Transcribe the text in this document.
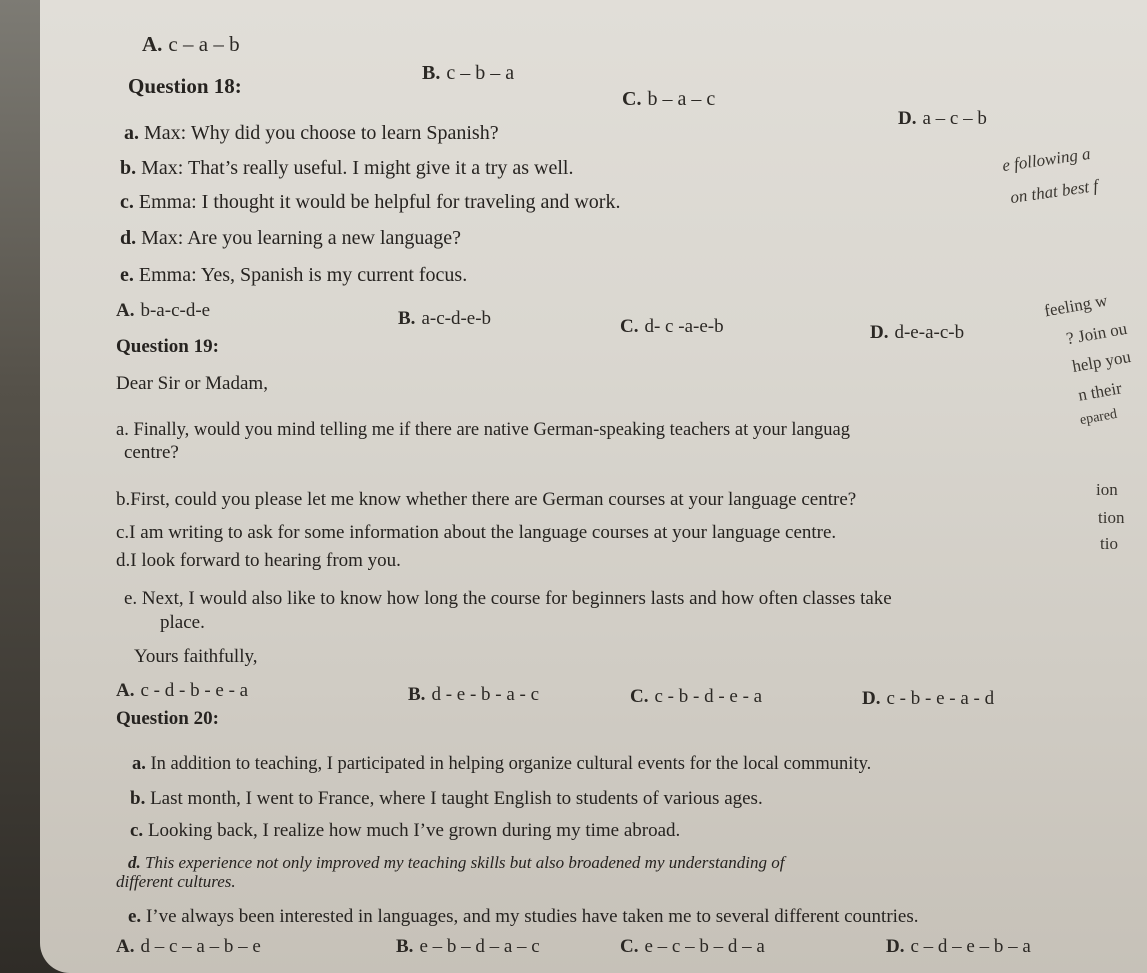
A. c – a – b
B. c – b – a
C. b – a – c
D. a – c – b
Question 18:
a. Max: Why did you choose to learn Spanish?
b. Max: That’s really useful. I might give it a try as well.
c. Emma: I thought it would be helpful for traveling and work.
d. Max: Are you learning a new language?
e. Emma: Yes, Spanish is my current focus.
A. b-a-c-d-e	B. a-c-d-e-b	C. d- c -a-e-b	D. d-e-a-c-b
Question 19:
Dear Sir or Madam,
a. Finally, would you mind telling me if there are native German-speaking teachers at your languag
centre?
b.First, could you please let me know whether there are German courses at your language centre?
c.I am writing to ask for some information about the language courses at your language centre.
d.I look forward to hearing from you.
e. Next, I would also like to know how long the course for beginners lasts and how often classes take
place.
Yours faithfully,
A. c - d - b - e - a	B. d - e - b - a - c	C. c - b - d - e - a	D. c - b - e - a - d
Question 20:
a. In addition to teaching, I participated in helping organize cultural events for the local community.
b. Last month, I went to France, where I taught English to students of various ages.
c. Looking back, I realize how much I’ve grown during my time abroad.
d. This experience not only improved my teaching skills but also broadened my understanding of
different cultures.
e. I’ve always been interested in languages, and my studies have taken me to several different countries.
A. d – c – a – b – e	B. e – b – d – a – c	C. e – c – b – d – a	D. c – d – e – b – a
e following a
on that best f
feeling w
? Join ou
help you
n their
epared
ion
tion
tio
